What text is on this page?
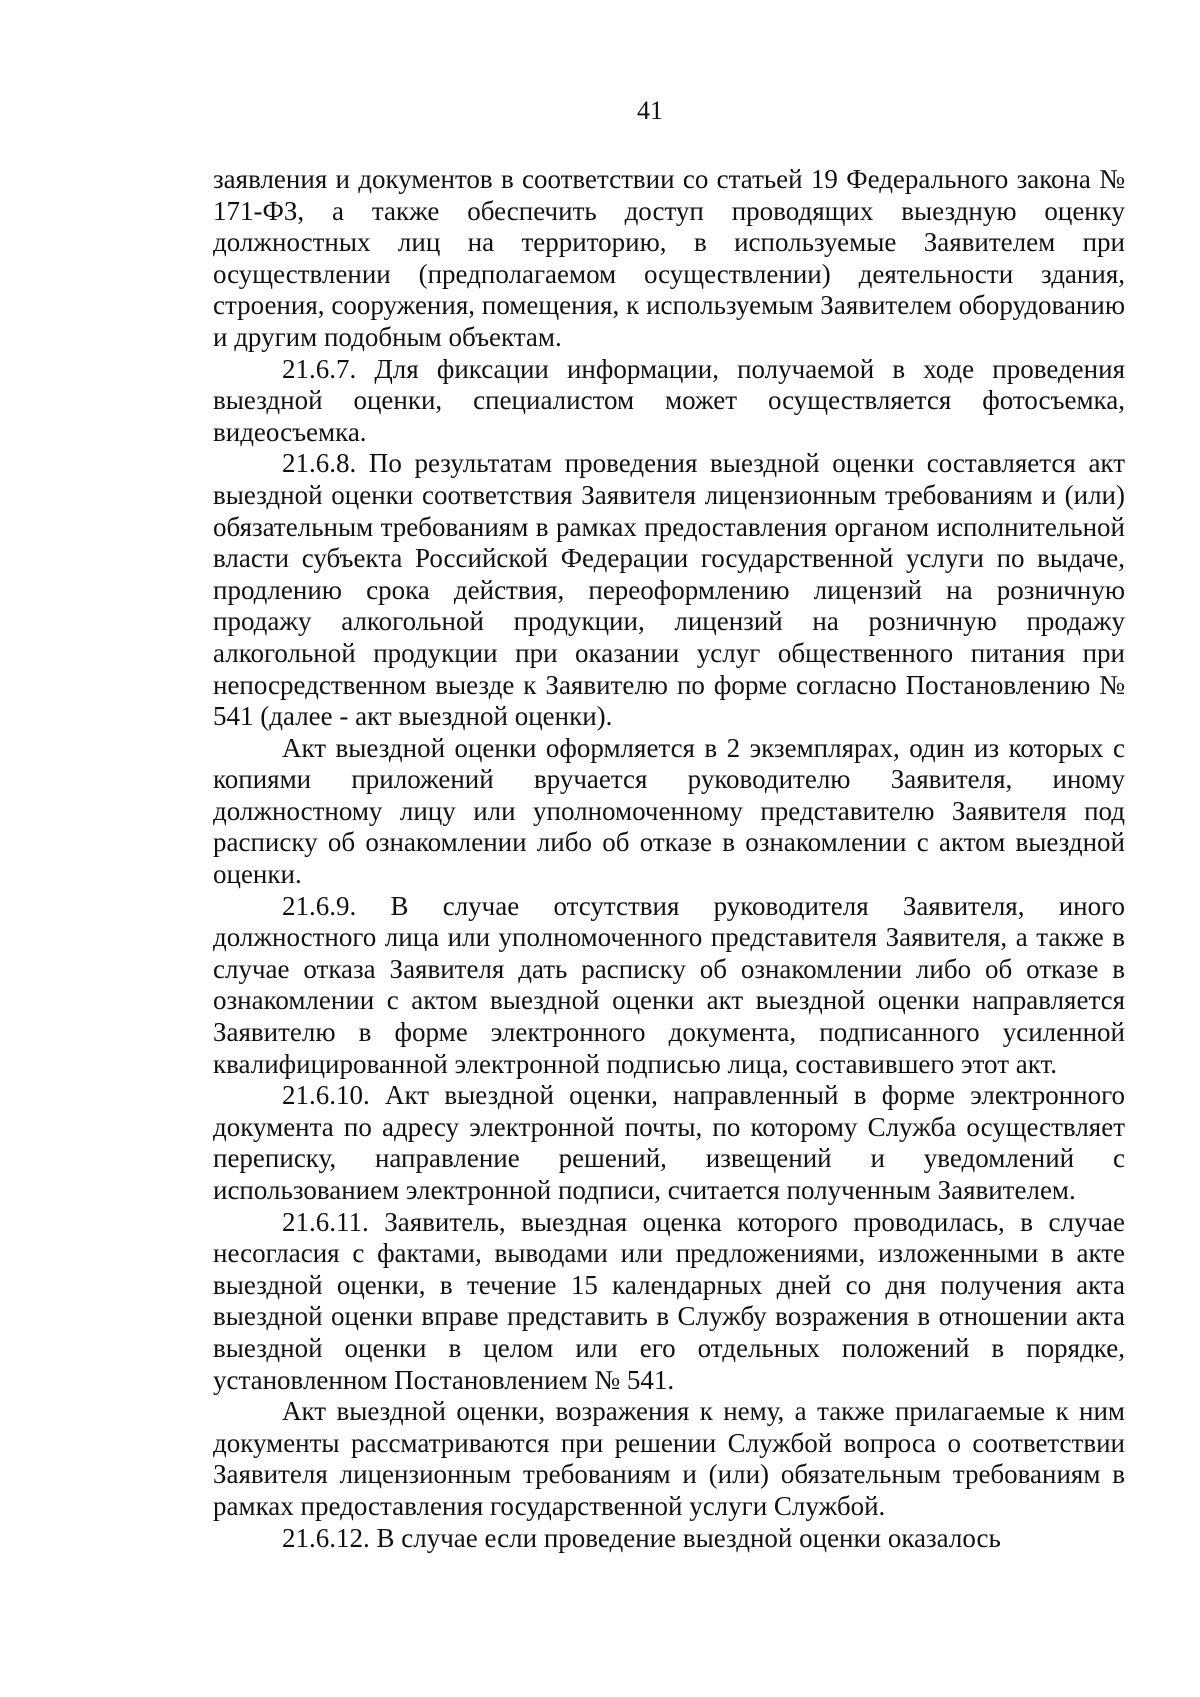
41

заявления и документов в соответствии со статьей 19 Федерального закона № 171-ФЗ, а также обеспечить доступ проводящих выездную оценку должностных лиц на территорию, в используемые Заявителем при осуществлении (предполагаемом осуществлении) деятельности здания, строения, сооружения, помещения, к используемым Заявителем оборудованию и другим подобным объектам.

21.6.7. Для фиксации информации, получаемой в ходе проведения выездной оценки, специалистом может осуществляется фотосъемка, видеосъемка.

21.6.8. По результатам проведения выездной оценки составляется акт выездной оценки соответствия Заявителя лицензионным требованиям и (или) обязательным требованиям в рамках предоставления органом исполнительной власти субъекта Российской Федерации государственной услуги по выдаче, продлению срока действия, переоформлению лицензий на розничную продажу алкогольной продукции, лицензий на розничную продажу алкогольной продукции при оказании услуг общественного питания при непосредственном выезде к Заявителю по форме согласно Постановлению № 541 (далее - акт выездной оценки).

Акт выездной оценки оформляется в 2 экземплярах, один из которых с копиями приложений вручается руководителю Заявителя, иному должностному лицу или уполномоченному представителю Заявителя под расписку об ознакомлении либо об отказе в ознакомлении с актом выездной оценки.

21.6.9. В случае отсутствия руководителя Заявителя, иного должностного лица или уполномоченного представителя Заявителя, а также в случае отказа Заявителя дать расписку об ознакомлении либо об отказе в ознакомлении с актом выездной оценки акт выездной оценки направляется Заявителю в форме электронного документа, подписанного усиленной квалифицированной электронной подписью лица, составившего этот акт.

21.6.10. Акт выездной оценки, направленный в форме электронного документа по адресу электронной почты, по которому Служба осуществляет переписку, направление решений, извещений и уведомлений с использованием электронной подписи, считается полученным Заявителем.

21.6.11. Заявитель, выездная оценка которого проводилась, в случае несогласия с фактами, выводами или предложениями, изложенными в акте выездной оценки, в течение 15 календарных дней со дня получения акта выездной оценки вправе представить в Службу возражения в отношении акта выездной оценки в целом или его отдельных положений в порядке, установленном Постановлением № 541.

Акт выездной оценки, возражения к нему, а также прилагаемые к ним документы рассматриваются при решении Службой вопроса о соответствии Заявителя лицензионным требованиям и (или) обязательным требованиям в рамках предоставления государственной услуги Службой.

21.6.12. В случае если проведение выездной оценки оказалось
